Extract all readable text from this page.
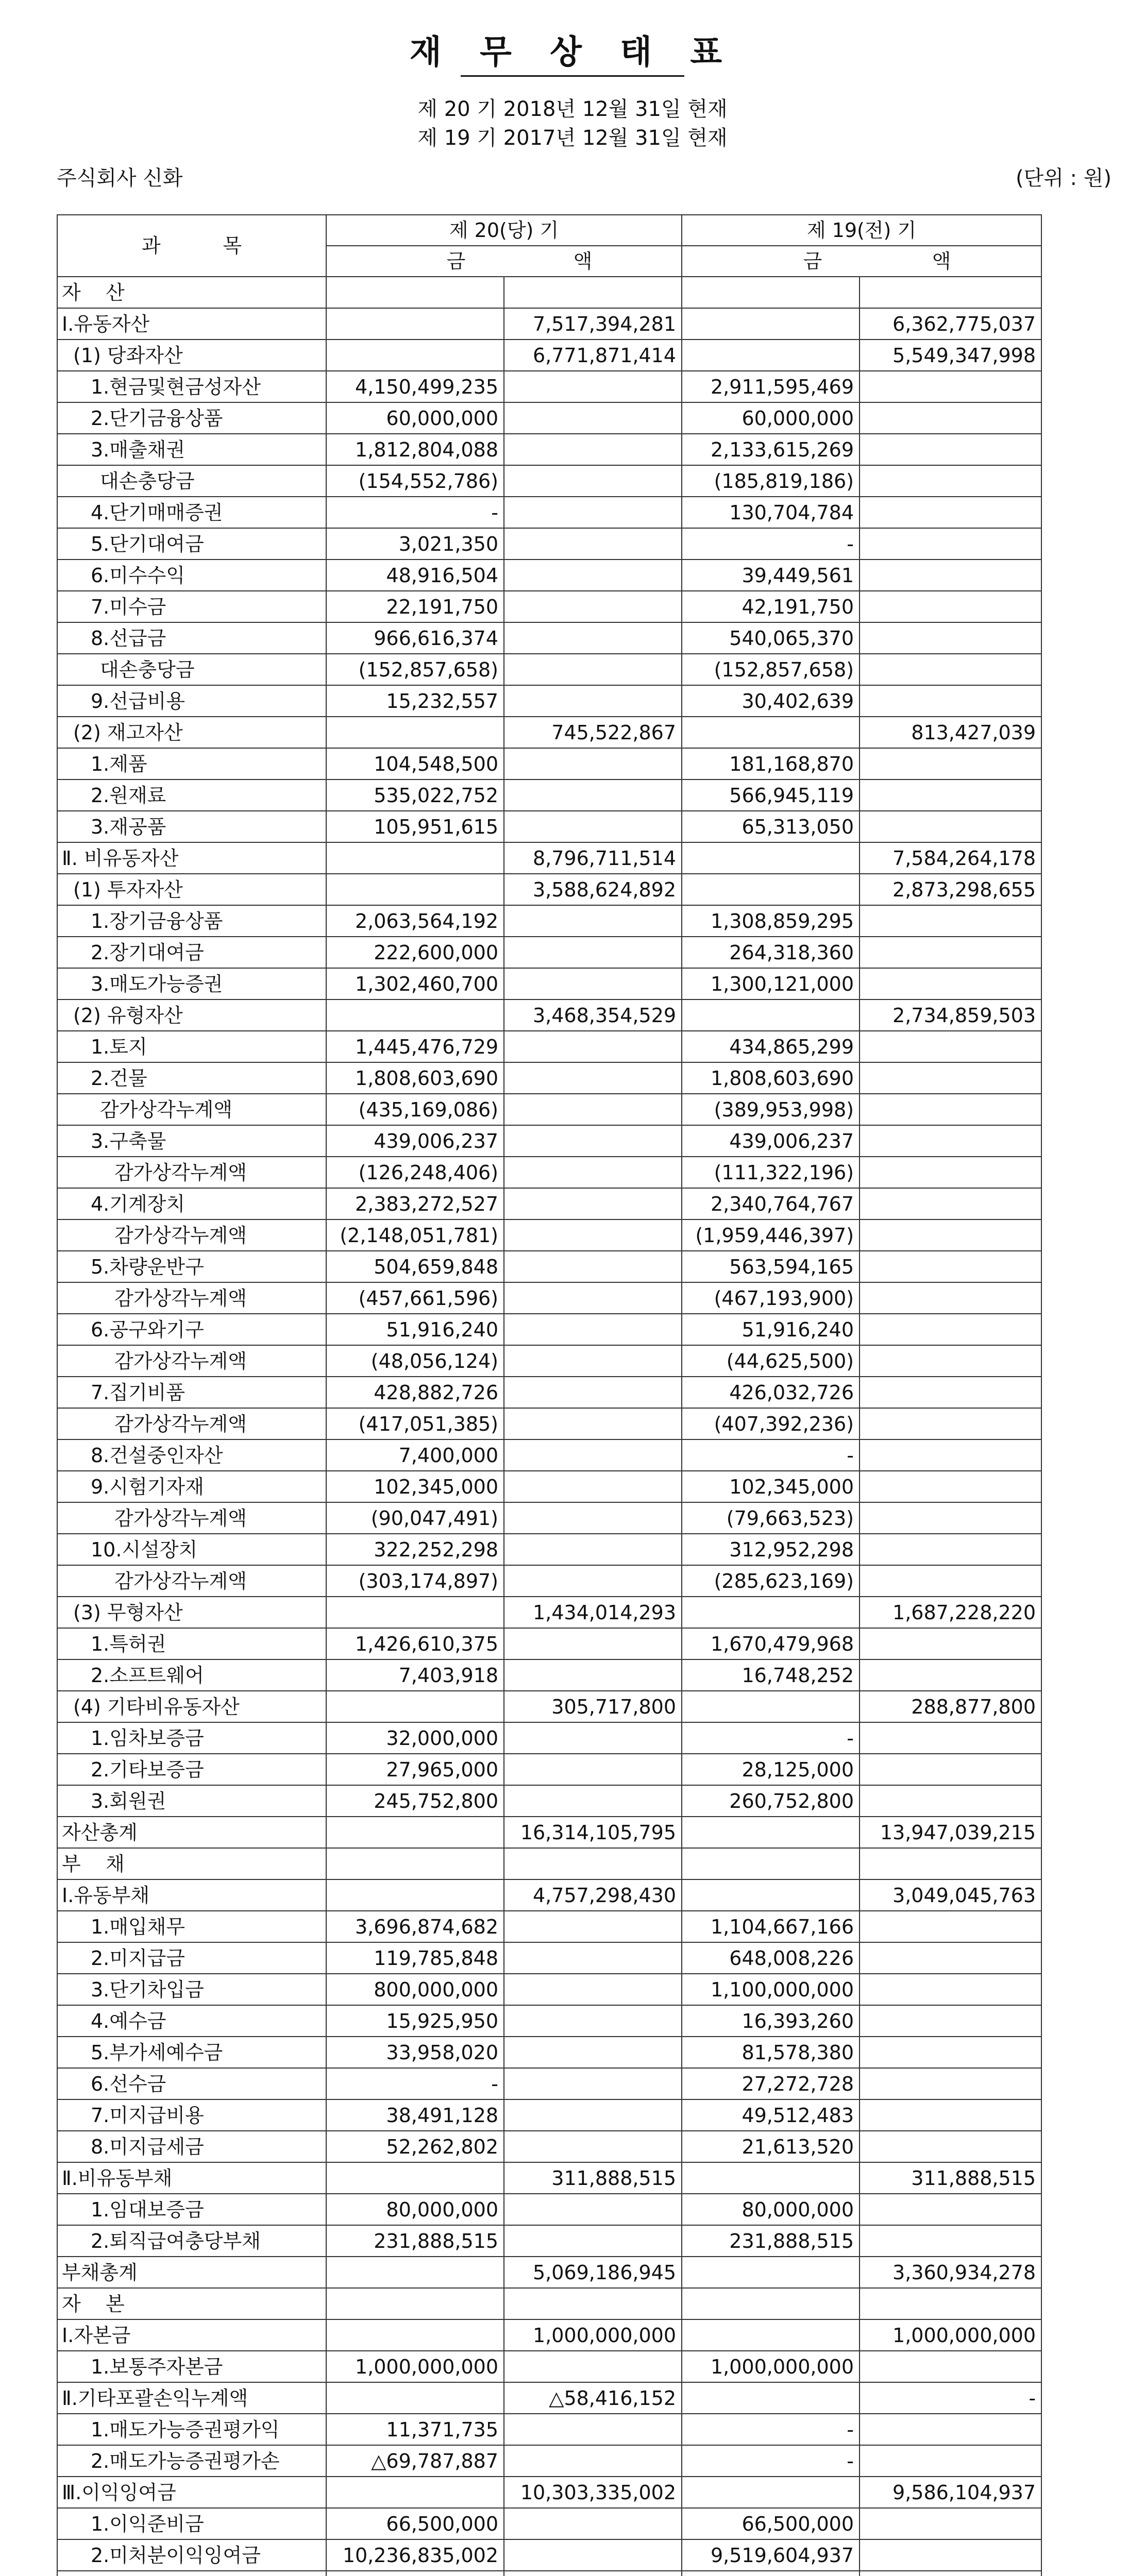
재 무 상 태 표
제 20 기 2018년 12월 31일 현재
제 19 기 2017년 12월 31일 현재
주식회사 신화	(단위 : 원)
과          목	제 20(당) 기		제 19(전) 기	

	금 액		금 액	

자    산				
Ⅰ.유동자산		7,517,394,281		6,362,775,037
(1) 당좌자산		6,771,871,414		5,549,347,998
1.현금및현금성자산	4,150,499,235		2,911,595,469	
2.단기금융상품	60,000,000		60,000,000	
3.매출채권	1,812,804,088		2,133,615,269	
대손충당금	(154,552,786)		(185,819,186)	
4.단기매매증권	-		130,704,784	
5.단기대여금	3,021,350		-	
6.미수수익	48,916,504		39,449,561	
7.미수금	22,191,750		42,191,750	
8.선급금	966,616,374		540,065,370	
대손충당금	(152,857,658)		(152,857,658)	
9.선급비용	15,232,557		30,402,639	
(2) 재고자산		745,522,867		813,427,039
1.제품	104,548,500		181,168,870	
2.원재료	535,022,752		566,945,119	
3.재공품	105,951,615		65,313,050	
Ⅱ. 비유동자산		8,796,711,514		7,584,264,178
(1) 투자자산		3,588,624,892		2,873,298,655
1.장기금융상품	2,063,564,192		1,308,859,295	
2.장기대여금	222,600,000		264,318,360	
3.매도가능증권	1,302,460,700		1,300,121,000	
(2) 유형자산		3,468,354,529		2,734,859,503
1.토지	1,445,476,729		434,865,299	
2.건물	1,808,603,690		1,808,603,690	
감가상각누계액	(435,169,086)		(389,953,998)	
3.구축물	439,006,237		439,006,237	
감가상각누계액	(126,248,406)		(111,322,196)	
4.기계장치	2,383,272,527		2,340,764,767	
감가상각누계액	(2,148,051,781)		(1,959,446,397)	
5.차량운반구	504,659,848		563,594,165	
감가상각누계액	(457,661,596)		(467,193,900)	
6.공구와기구	51,916,240		51,916,240	
감가상각누계액	(48,056,124)		(44,625,500)	
7.집기비품	428,882,726		426,032,726	
감가상각누계액	(417,051,385)		(407,392,236)	
8.건설중인자산	7,400,000		-	
9.시험기자재	102,345,000		102,345,000	
감가상각누계액	(90,047,491)		(79,663,523)	
10.시설장치	322,252,298		312,952,298	
감가상각누계액	(303,174,897)		(285,623,169)	
(3) 무형자산		1,434,014,293		1,687,228,220
1.특허권	1,426,610,375		1,670,479,968	
2.소프트웨어	7,403,918		16,748,252	
(4) 기타비유동자산		305,717,800		288,877,800
1.임차보증금	32,000,000		-	
2.기타보증금	27,965,000		28,125,000	
3.회원권	245,752,800		260,752,800	
자산총계		16,314,105,795		13,947,039,215
부    채				
Ⅰ.유동부채		4,757,298,430		3,049,045,763
1.매입채무	3,696,874,682		1,104,667,166	
2.미지급금	119,785,848		648,008,226	
3.단기차입금	800,000,000		1,100,000,000	
4.예수금	15,925,950		16,393,260	
5.부가세예수금	33,958,020		81,578,380	
6.선수금	-		27,272,728	
7.미지급비용	38,491,128		49,512,483	
8.미지급세금	52,262,802		21,613,520	
Ⅱ.비유동부채		311,888,515		311,888,515
1.임대보증금	80,000,000		80,000,000	
2.퇴직급여충당부채	231,888,515		231,888,515	
부채총계		5,069,186,945		3,360,934,278
자    본				
Ⅰ.자본금		1,000,000,000		1,000,000,000
1.보통주자본금	1,000,000,000		1,000,000,000	
Ⅱ.기타포괄손익누계액		△58,416,152		-
1.매도가능증권평가익	11,371,735		-	
2.매도가능증권평가손	△69,787,887		-	
Ⅲ.이익잉여금		10,303,335,002		9,586,104,937
1.이익준비금	66,500,000		66,500,000	
2.미처분이익잉여금	10,236,835,002		9,519,604,937	
